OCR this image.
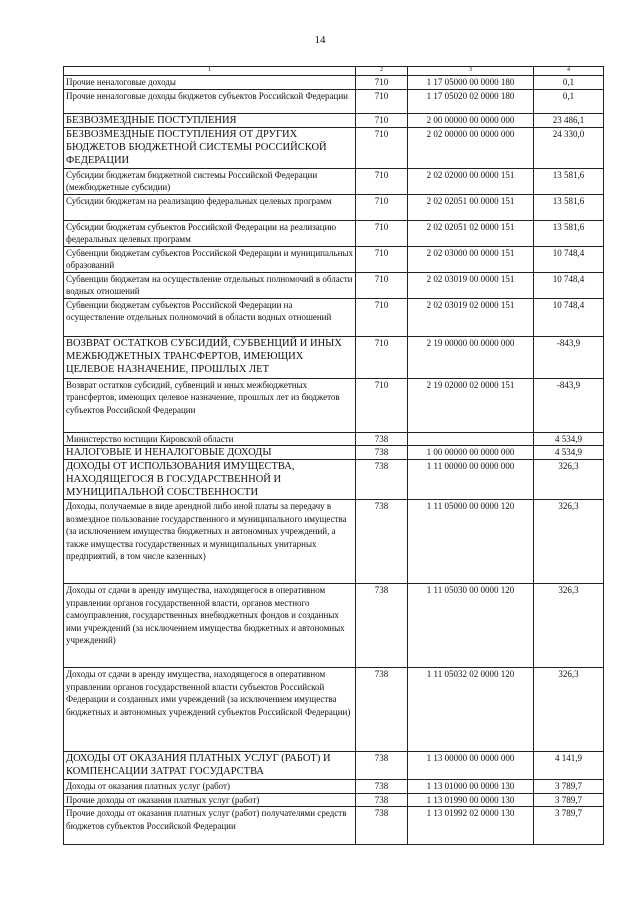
14
1	2	3	4
Прочие неналоговые доходы	710	1 17 05000 00 0000 180	0,1
Прочие неналоговые доходы бюджетов субъектов Российской Федерации	710	1 17 05020 02 0000 180	0,1
БЕЗВОЗМЕЗДНЫЕ ПОСТУПЛЕНИЯ	710	2 00 00000 00 0000 000	23 486,1
БЕЗВОЗМЕЗДНЫЕ ПОСТУПЛЕНИЯ ОТ ДРУГИХ БЮДЖЕТОВ БЮДЖЕТНОЙ СИСТЕМЫ РОССИЙСКОЙ ФЕДЕРАЦИИ	710	2 02 00000 00 0000 000	24 330,0
Субсидии бюджетам бюджетной системы Российской Федерации (межбюджетные субсидии)	710	2 02 02000 00 0000 151	13 581,6
Субсидии бюджетам на реализацию федеральных целевых программ	710	2 02 02051 00 0000 151	13 581,6
Субсидии бюджетам субъектов Российской Федерации на реализацию федеральных целевых программ	710	2 02 02051 02 0000 151	13 581,6
Субвенции бюджетам субъектов Российской Федерации и муниципальных образований	710	2 02 03000 00 0000 151	10 748,4
Субвенции бюджетам на осуществление отдельных полномочий в области водных отношений	710	2 02 03019 00 0000 151	10 748,4
Субвенции бюджетам субъектов Российской Федерации на осуществление отдельных полномочий в области водных отношений	710	2 02 03019 02 0000 151	10 748,4
ВОЗВРАТ ОСТАТКОВ СУБСИДИЙ, СУБВЕНЦИЙ И ИНЫХ МЕЖБЮДЖЕТНЫХ ТРАНСФЕРТОВ, ИМЕЮЩИХ ЦЕЛЕВОЕ НАЗНАЧЕНИЕ, ПРОШЛЫХ ЛЕТ	710	2 19 00000 00 0000 000	-843,9
Возврат остатков субсидий, субвенций и иных межбюджетных трансфертов, имеющих целевое назначение, прошлых лет из бюджетов субъектов Российской Федерации	710	2 19 02000 02 0000 151	-843,9
Министерство юстиции Кировской области	738		4 534,9
НАЛОГОВЫЕ И НЕНАЛОГОВЫЕ ДОХОДЫ	738	1 00 00000 00 0000 000	4 534,9
ДОХОДЫ ОТ ИСПОЛЬЗОВАНИЯ ИМУЩЕСТВА, НАХОДЯЩЕГОСЯ В ГОСУДАРСТВЕННОЙ И МУНИЦИПАЛЬНОЙ СОБСТВЕННОСТИ	738	1 11 00000 00 0000 000	326,3
Доходы, получаемые в виде арендной либо иной платы за передачу в возмездное пользование государственного и муниципального имущества (за исключением имущества бюджетных и автономных учреждений, а также имущества государственных и муниципальных унитарных предприятий, в том числе казенных)	738	1 11 05000 00 0000 120	326,3
Доходы от сдачи в аренду имущества, находящегося в оперативном управлении органов государственной власти, органов местного самоуправления, государственных внебюджетных фондов и созданных ими учреждений (за исключением имущества бюджетных и автономных учреждений)	738	1 11 05030 00 0000 120	326,3
Доходы от сдачи в аренду имущества, находящегося в оперативном управлении органов государственной власти субъектов Российской Федерации и созданных ими учреждений (за исключением имущества бюджетных и автономных учреждений субъектов Российской Федерации)	738	1 11 05032 02 0000 120	326,3
ДОХОДЫ ОТ ОКАЗАНИЯ ПЛАТНЫХ УСЛУГ (РАБОТ) И КОМПЕНСАЦИИ ЗАТРАТ ГОСУДАРСТВА	738	1 13 00000 00 0000 000	4 141,9
Доходы от оказания платных услуг (работ)	738	1 13 01000 00 0000 130	3 789,7
Прочие доходы от оказания платных услуг (работ)	738	1 13 01990 00 0000 130	3 789,7
Прочие доходы от оказания платных услуг (работ) получателями средств бюджетов субъектов Российской Федерации	738	1 13 01992 02 0000 130	3 789,7
